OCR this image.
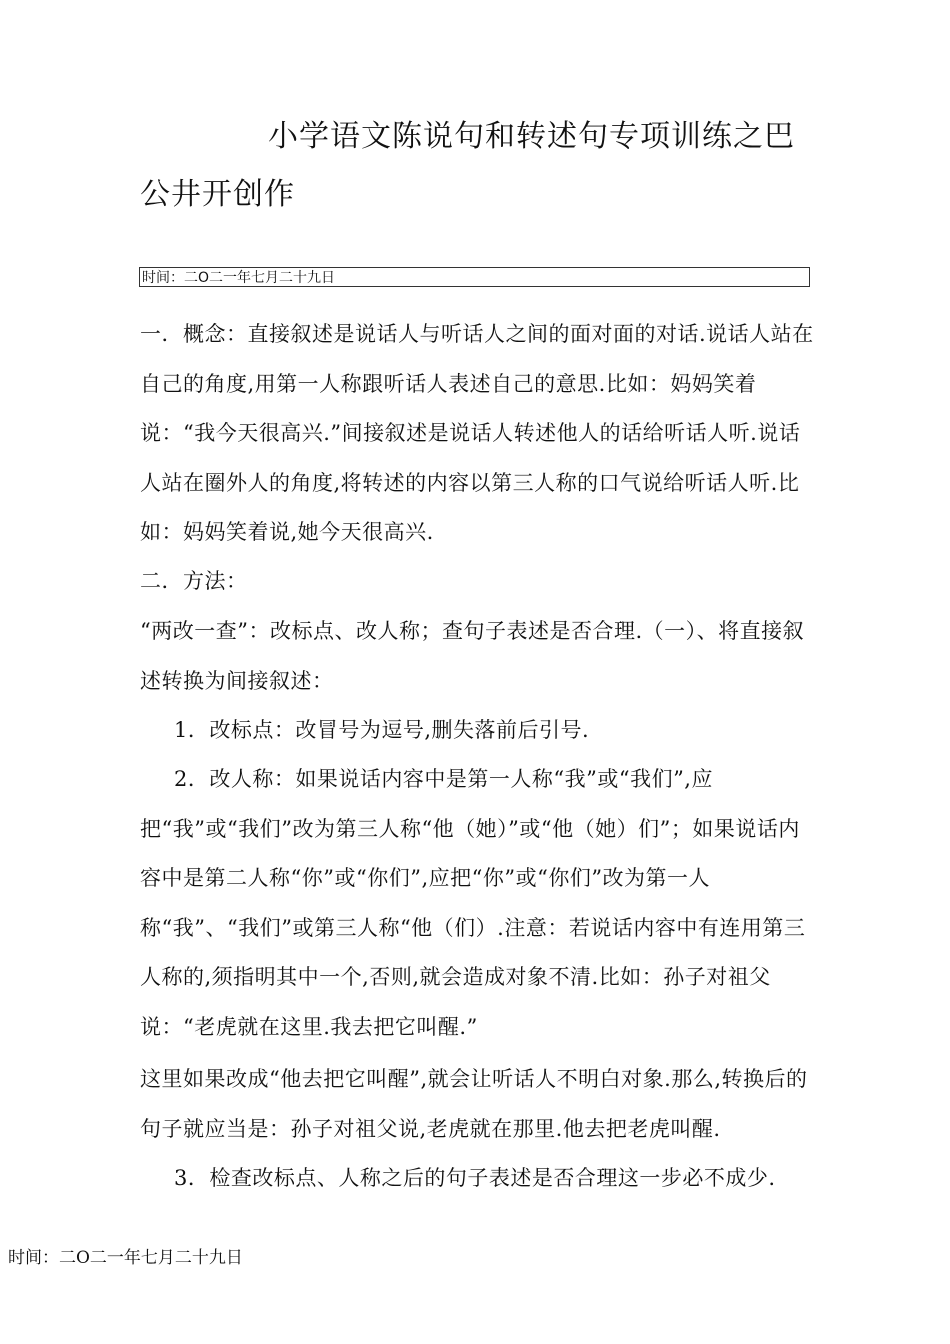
小学语文陈说句和转述句专项训练之巴公井开创作
时间：二O二一年七月二十九日

一．概念：直接叙述是说话人与听话人之间的面对面的对话.说话人站在自己的角度,用第一人称跟听话人表述自己的意思.比如：妈妈笑着说：“我今天很高兴.”间接叙述是说话人转述他人的话给听话人听.说话人站在圈外人的角度,将转述的内容以第三人称的口气说给听话人听.比如：妈妈笑着说,她今天很高兴.

二．方法：

“两改一查”：改标点、改人称；查句子表述是否合理.（一）、将直接叙述转换为间接叙述：

1．改标点：改冒号为逗号,删失落前后引号.

2．改人称：如果说话内容中是第一人称“我”或“我们”,应把“我”或“我们”改为第三人称“他（她）”或“他（她）们”；如果说话内容中是第二人称“你”或“你们”,应把“你”或“你们”改为第一人称“我”、“我们”或第三人称“他（们）.注意：若说话内容中有连用第三人称的,须指明其中一个,否则,就会造成对象不清.比如：孙子对祖父说：“老虎就在这里.我去把它叫醒.”

这里如果改成“他去把它叫醒”,就会让听话人不明白对象.那么,转换后的句子就应当是：孙子对祖父说,老虎就在那里.他去把老虎叫醒.

3．检查改标点、人称之后的句子表述是否合理这一步必不成少.

时间：二O二一年七月二十九日
